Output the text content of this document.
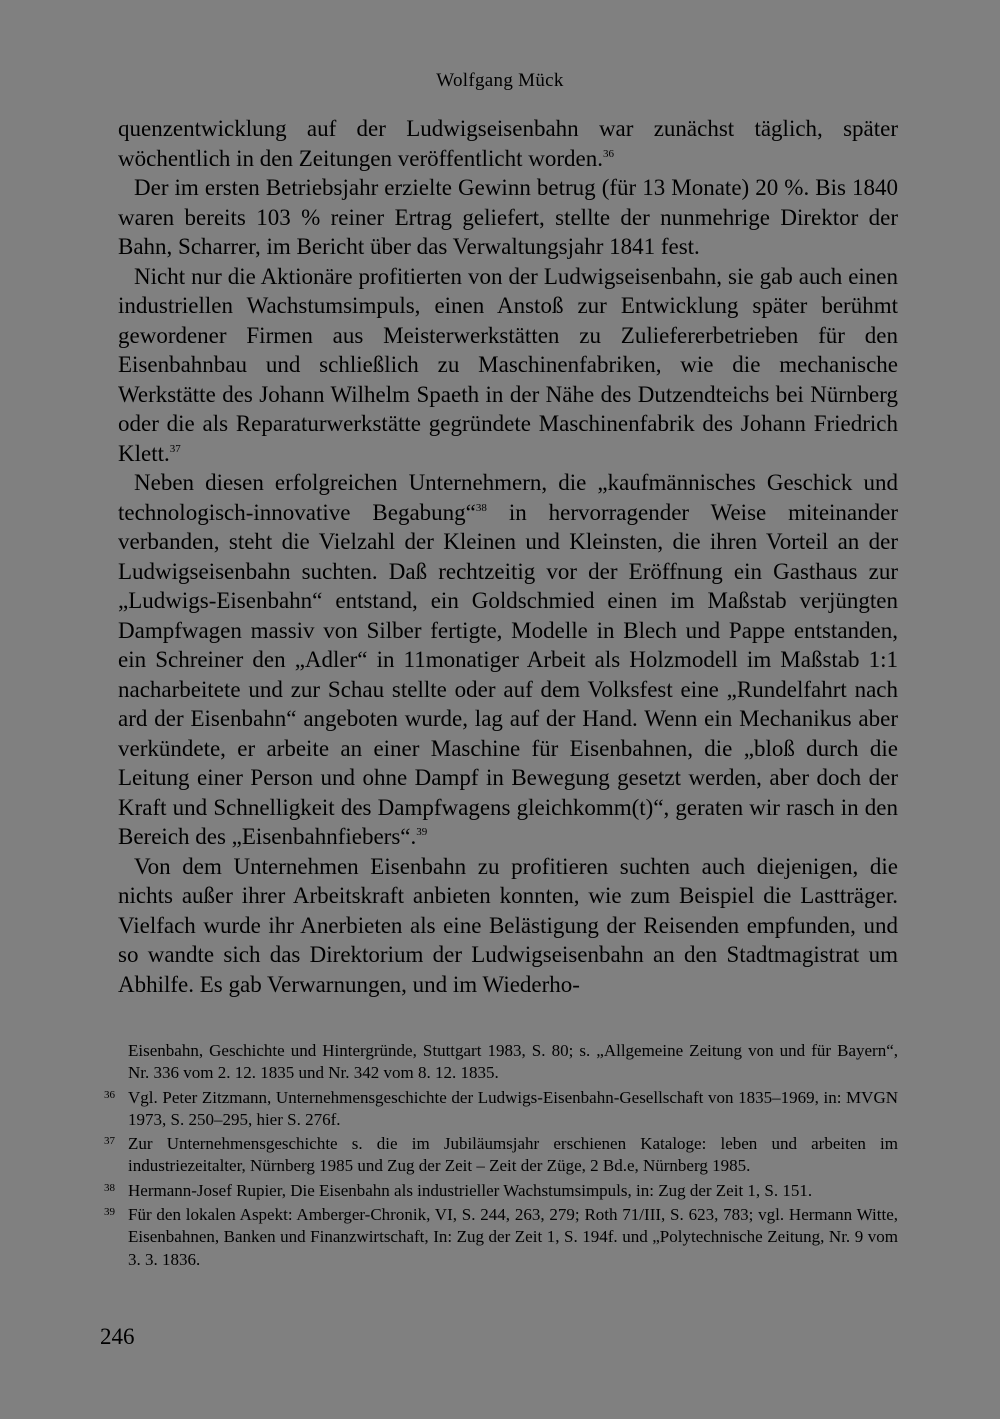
Wolfgang Mück

quenzentwicklung auf der Ludwigseisenbahn war zunächst täglich, später wöchentlich in den Zeitungen veröffentlicht worden.$^{36}$

Der im ersten Betriebsjahr erzielte Gewinn betrug (für 13 Monate) 20 %. Bis 1840 waren bereits 103 % reiner Ertrag geliefert, stellte der nunmehrige Direktor der Bahn, Scharrer, im Bericht über das Verwaltungsjahr 1841 fest.

Nicht nur die Aktionäre profitierten von der Ludwigseisenbahn, sie gab auch einen industriellen Wachstumsimpuls, einen Anstoß zur Entwicklung später berühmt gewordener Firmen aus Meisterwerkstätten zu Zuliefererbetrieben für den Eisenbahnbau und schließlich zu Maschinenfabriken, wie die mechanische Werkstätte des Johann Wilhelm Spaeth in der Nähe des Dutzendteichs bei Nürnberg oder die als Reparaturwerkstätte gegründete Maschinenfabrik des Johann Friedrich Klett.$^{37}$

Neben diesen erfolgreichen Unternehmern, die „kaufmännisches Geschick und technologisch-innovative Begabung“$^{38}$ in hervorragender Weise miteinander verbanden, steht die Vielzahl der Kleinen und Kleinsten, die ihren Vorteil an der Ludwigseisenbahn suchten. Daß rechtzeitig vor der Eröffnung ein Gasthaus zur „Ludwigs-Eisenbahn“ entstand, ein Goldschmied einen im Maßstab verjüngten Dampfwagen massiv von Silber fertigte, Modelle in Blech und Pappe entstanden, ein Schreiner den „Adler“ in 11monatiger Arbeit als Holzmodell im Maßstab 1:1 nacharbeitete und zur Schau stellte oder auf dem Volksfest eine „Rundelfahrt nach ard der Eisenbahn“ angeboten wurde, lag auf der Hand. Wenn ein Mechanikus aber verkündete, er arbeite an einer Maschine für Eisenbahnen, die „bloß durch die Leitung einer Person und ohne Dampf in Bewegung gesetzt werden, aber doch der Kraft und Schnelligkeit des Dampfwagens gleichkomm(t)“, geraten wir rasch in den Bereich des „Eisenbahnfiebers“.$^{39}$

Von dem Unternehmen Eisenbahn zu profitieren suchten auch diejenigen, die nichts außer ihrer Arbeitskraft anbieten konnten, wie zum Beispiel die Lastträger. Vielfach wurde ihr Anerbieten als eine Belästigung der Reisenden empfunden, und so wandte sich das Direktorium der Ludwigseisenbahn an den Stadtmagistrat um Abhilfe. Es gab Verwarnungen, und im Wiederho-

Eisenbahn, Geschichte und Hintergründe, Stuttgart 1983, S. 80; s. „Allgemeine Zeitung von und für Bayern“, Nr. 336 vom 2. 12. 1835 und Nr. 342 vom 8. 12. 1835.
36 Vgl. Peter Zitzmann, Unternehmensgeschichte der Ludwigs-Eisenbahn-Gesellschaft von 1835–1969, in: MVGN 1973, S. 250–295, hier S. 276f.
37 Zur Unternehmensgeschichte s. die im Jubiläumsjahr erschienen Kataloge: leben und arbeiten im industriezeitalter, Nürnberg 1985 und Zug der Zeit – Zeit der Züge, 2 Bd.e, Nürnberg 1985.
38 Hermann-Josef Rupier, Die Eisenbahn als industrieller Wachstumsimpuls, in: Zug der Zeit 1, S. 151.
39 Für den lokalen Aspekt: Amberger-Chronik, VI, S. 244, 263, 279; Roth 71/III, S. 623, 783; vgl. Hermann Witte, Eisenbahnen, Banken und Finanzwirtschaft, In: Zug der Zeit 1, S. 194f. und „Polytechnische Zeitung, Nr. 9 vom 3. 3. 1836.
246
